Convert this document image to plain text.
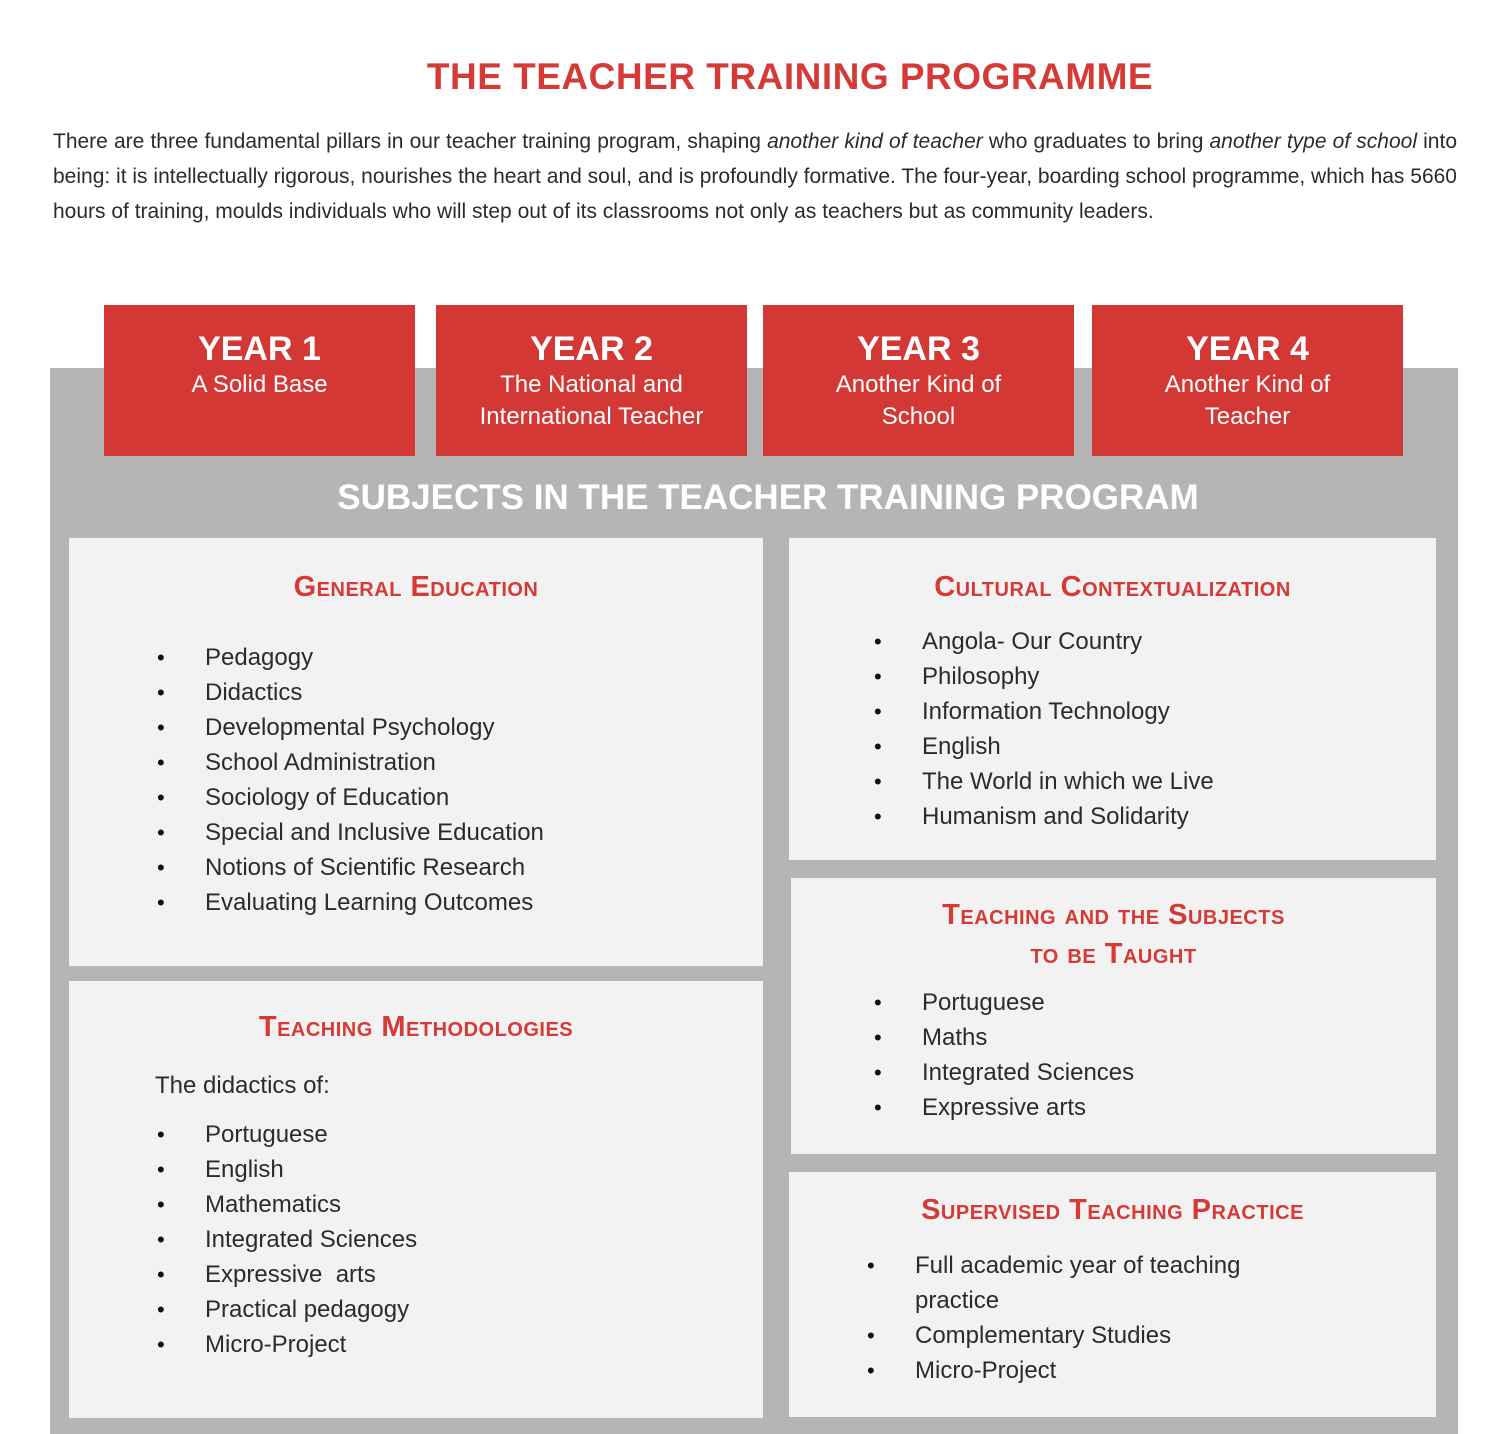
THE TEACHER TRAINING PROGRAMME

There are three fundamental pillars in our teacher training program, shaping another kind of teacher who graduates to bring another type of school into being: it is intellectually rigorous, nourishes the heart and soul, and is profoundly formative. The four-year, boarding school programme, which has 5660 hours of training, moulds individuals who will step out of its classrooms not only as teachers but as community leaders.

YEAR 1
A Solid Base
YEAR 2
The National and International Teacher
YEAR 3
Another Kind of School
YEAR 4
Another Kind of Teacher
SUBJECTS IN THE TEACHER TRAINING PROGRAM
General Education
• Pedagogy
• Didactics
• Developmental Psychology
• School Administration
• Sociology of Education
• Special and Inclusive Education
• Notions of Scientific Research
• Evaluating Learning Outcomes
Teaching Methodologies
The didactics of:
• Portuguese
• English
• Mathematics
• Integrated Sciences
• Expressive  arts
• Practical pedagogy
• Micro-Project
Cultural Contextualization
• Angola- Our Country
• Philosophy
• Information Technology
• English
• The World in which we Live
• Humanism and Solidarity
Teaching and the Subjects
to be Taught
• Portuguese
• Maths
• Integrated Sciences
• Expressive arts
Supervised Teaching Practice
• Full academic year of teaching
practice
• Complementary Studies
• Micro-Project
